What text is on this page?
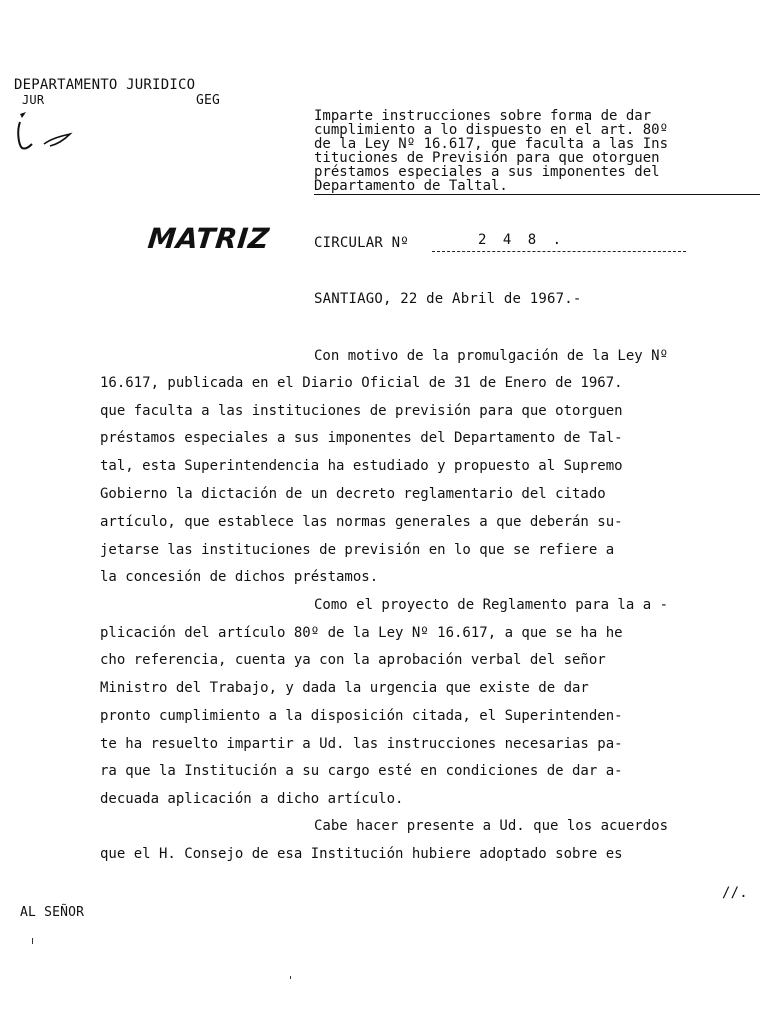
DEPARTAMENTO JURIDICO
JUR	GEG
Imparte instrucciones sobre forma de dar
cumplimiento a lo dispuesto en el art. 80º
de la Ley Nº 16.617, que faculta a las Ins
tituciones de Previsión para que otorguen
préstamos especiales a sus imponentes del
Departamento de Taltal.
MATRIZ	CIRCULAR Nº	2 4 8 .
SANTIAGO, 22 de Abril de 1967.-
Con motivo de la promulgación de la Ley Nº
16.617, publicada en el Diario Oficial de 31 de Enero de 1967.
que faculta a las instituciones de previsión para que otorguen
préstamos especiales a sus imponentes del Departamento de Tal-
tal, esta Superintendencia ha estudiado y propuesto al Supremo
Gobierno la dictación de un decreto reglamentario del citado
artículo, que establece las normas generales a que deberán su-
jetarse las instituciones de previsión en lo que se refiere a
la concesión de dichos préstamos.
Como el proyecto de Reglamento para la a -
plicación del artículo 80º de la Ley Nº 16.617, a que se ha he
cho referencia, cuenta ya con la aprobación verbal del señor
Ministro del Trabajo, y dada la urgencia que existe de dar
pronto cumplimiento a la disposición citada, el Superintenden-
te ha resuelto impartir a Ud. las instrucciones necesarias pa-
ra que la Institución a su cargo esté en condiciones de dar a-
decuada aplicación a dicho artículo.
Cabe hacer presente a Ud. que los acuerdos
que el H. Consejo de esa Institución hubiere adoptado sobre es
//.
AL SEÑOR
